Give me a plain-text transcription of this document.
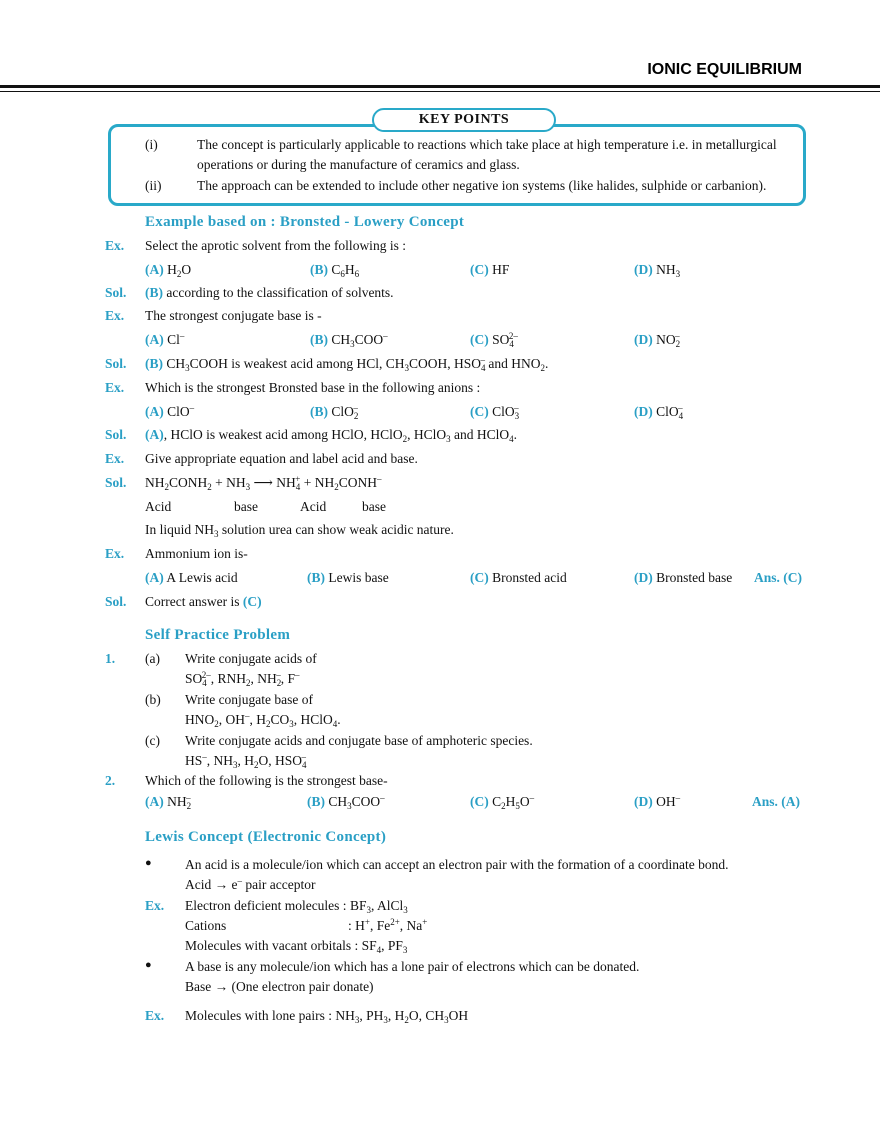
IONIC EQUILIBRIUM
KEY POINTS
(i)	The concept is particularly applicable to reactions which take place at high temperature i.e. in metallurgical
operations or during the manufacture of ceramics and glass.
(ii)	The approach can be extended to include other negative ion systems (like halides, sulphide or carbanion).
Example based on : Bronsted - Lowery Concept
Ex. Select the aprotic solvent from the following is :
(A) $H_2O$	(B) $C_6H_6$	(C) HF	(D) $NH_3$
Sol. (B) according to the classification of solvents.
Ex. The strongest conjugate base is -
(A) Cl–	(B) $CH_3COO^-$	(C) $SO_4^{2-}$	(D) $NO_2^-$
Sol. (B) $CH_3COOH$ is weakest acid among HCl, $CH_3COOH$, $HSO_4^-$ and $HNO_2$.
Ex. Which is the strongest Bronsted base in the following anions :
(A) ClO–	(B) ClO$_2$–	(C) ClO$_3$–	(D) ClO$_4$–
Sol. (A), HClO is weakest acid among HClO, HClO$_2$, HClO$_3$ and HClO$_4$.
Ex. Give appropriate equation and label acid and base.
Sol. $NH_2CONH_2 + NH_3$ ⟶ $NH_4^+$ + $NH_2CONH^-$
Acid	base	Acid	base
In liquid $NH_3$ solution urea can show weak acidic nature.
Ex. Ammonium ion is-
(A) A Lewis acid	(B) Lewis base	(C) Bronsted acid	(D) Bronsted base Ans. (C)
Sol. Correct answer is (C)
Self Practice Problem
1. (a) Write conjugate acids of
$SO_4^{2-}$, $RNH_2$, $NH_2^-$, F–
(b) Write conjugate base of
$HNO_2$, OH–, $H_2CO_3$, HClO$_4$.
(c) Write conjugate acids and conjugate base of amphoteric species.
HS–, $NH_3$, $H_2O$, $HSO_4^-$
2. Which of the following is the strongest base-
(A) $NH_2^-$	(B) $CH_3COO^-$	(C) $C_2H_5O^-$	(D) OH–	Ans. (A)
Lewis Concept (Electronic Concept)
● An acid is a molecule/ion which can accept an electron pair with the formation of a coordinate bond.
Acid → e– pair acceptor
Ex. Electron deficient molecules : $BF_3$, AlCl$_3$
Cations	: H+, $Fe^{2+}$, Na+
Molecules with vacant orbitals : $SF_4$, $PF_3$
● A base is any molecule/ion which has a lone pair of electrons which can be donated.
Base → (One electron pair donate)
Ex. Molecules with lone pairs : $NH_3$, $PH_3$, $H_2O$, $CH_3OH$
